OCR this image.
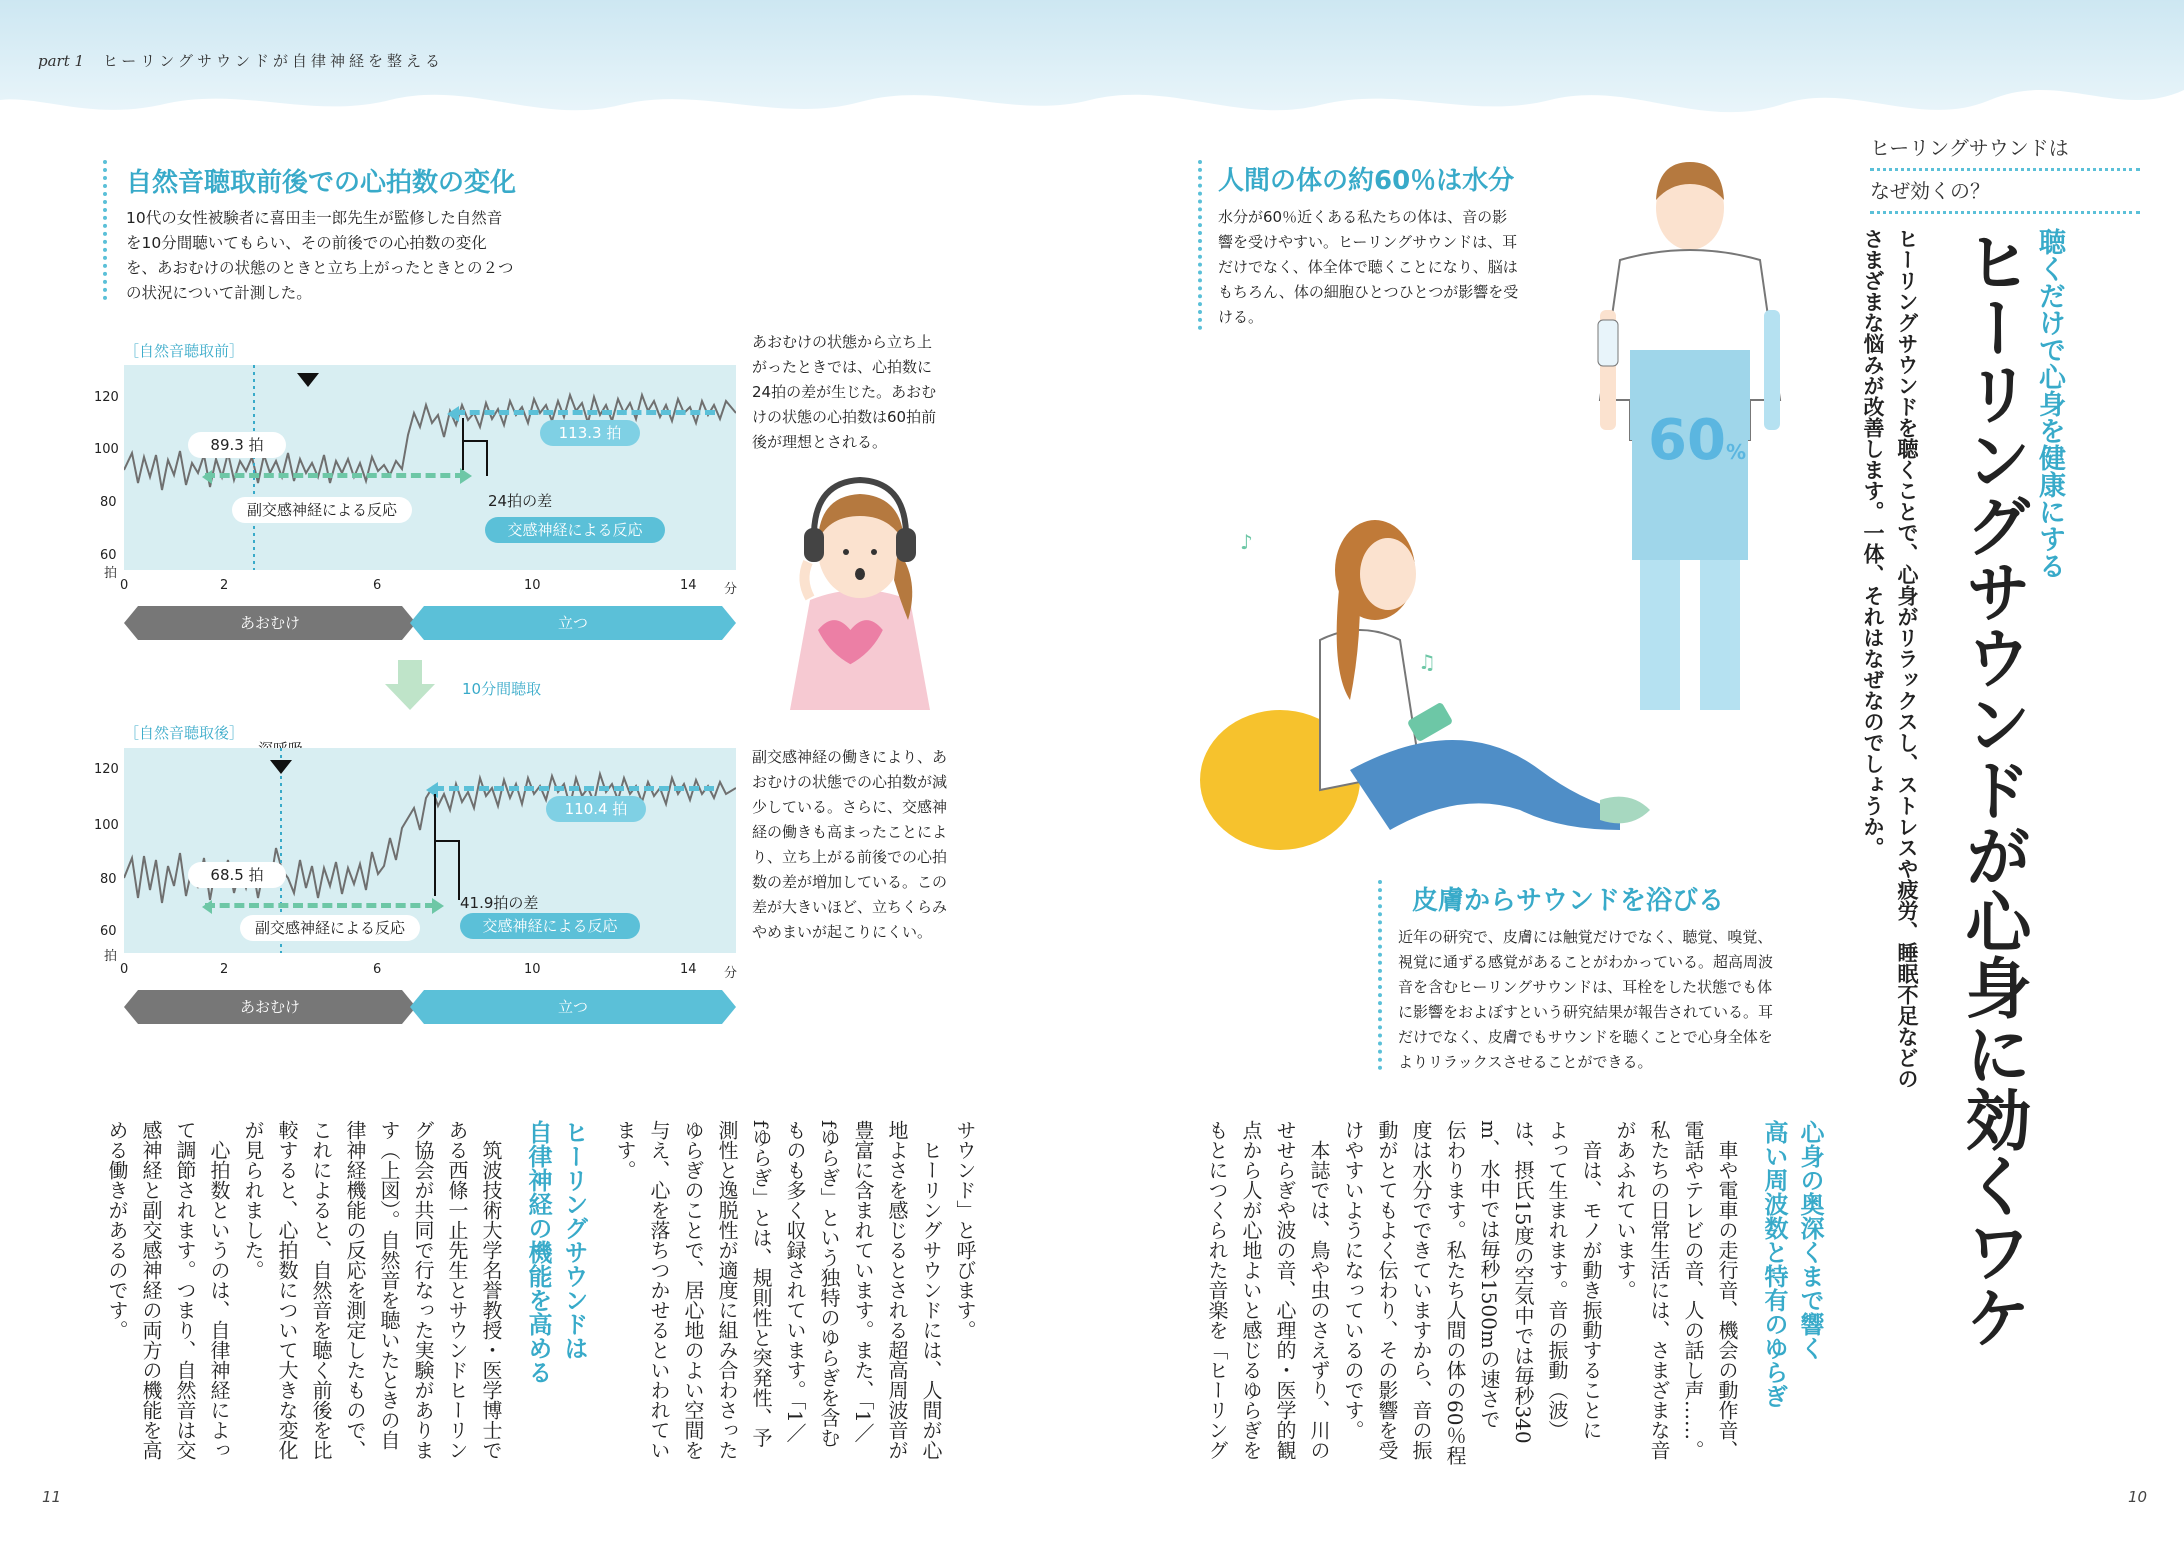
part 1 ヒーリングサウンドが自律神経を整える
自然音聴取前後での心拍数の変化
10代の女性被験者に喜田圭一郎先生が監修した自然音
を10分間聴いてもらい、その前後での心拍数の変化
を、あおむけの状態のときと立ち上がったときとの２つ
の状況について計測した。
［自然音聴取前］
120
100
80
60
拍
0	2	6	10	14 分
89.3 拍
副交感神経による反応
113.3 拍
24拍の差
交感神経による反応
あおむけ	立つ
10分間聴取
［自然音聴取後］
120
100
80
60
拍
0	2	6	10	14 分
68.5 拍
副交感神経による反応
110.4 拍
41.9拍の差
交感神経による反応
あおむけ	立つ
あおむけの状態から立ち上
がったときでは、心拍数に
24拍の差が生じた。あおむ
けの状態の心拍数は60拍前
後が理想とされる。
副交感神経の働きにより、あ
おむけの状態での心拍数が減
少している。さらに、交感神
経の働きも高まったことによ
り、立ち上がる前後での心拍
数の差が増加している。この
差が大きいほど、立ちくらみ
やめまいが起こりにくい。
サウンド」と呼びます。
　ヒーリングサウンドには、人間が心
地よさを感じるとされる超高周波音が
豊富に含まれています。また、「1／
fゆらぎ」という独特のゆらぎを含む
ものも多く収録されています。「1／
fゆらぎ」とは、規則性と突発性、予
測性と逸脱性が適度に組み合わさった
ゆらぎのことで、居心地のよい空間を
与え、心を落ちつかせるといわれてい
ます。
ヒーリングサウンドは
自律神経の機能を高める
　筑波技術大学名誉教授・医学博士で
ある西條一止先生とサウンドヒーリン
グ協会が共同で行なった実験がありま
す（上図）。自然音を聴いたときの自
律神経機能の反応を測定したもので、
これによると、自然音を聴く前後を比
較すると、心拍数について大きな変化
が見られました。
　心拍数というのは、自律神経によっ
て調節されます。つまり、自然音は交
感神経と副交感神経の両方の機能を高
める働きがあるのです。
11
人間の体の約60％は水分
水分が60％近くある私たちの体は、音の影
響を受けやすい。ヒーリングサウンドは、耳
だけでなく、体全体で聴くことになり、脳は
もちろん、体の細胞ひとつひとつが影響を受
ける。
60%
♪
♫
皮膚からサウンドを浴びる
近年の研究で、皮膚には触覚だけでなく、聴覚、嗅覚、
視覚に通ずる感覚があることがわかっている。超高周波
音を含むヒーリングサウンドは、耳栓をした状態でも体
に影響をおよぼすという研究結果が報告されている。耳
だけでなく、皮膚でもサウンドを聴くことで心身全体を
よりリラックスさせることができる。
ヒーリングサウンドは
なぜ効くの？
聴くだけで心身を健康にする
ヒーリングサウンドが心身に効くワケ
ヒーリングサウンドを聴くことで、心身がリラックスし、ストレスや疲労、睡眠不足などの
さまざまな悩みが改善します。一体、それはなぜなのでしょうか。
心身の奥深くまで響く
高い周波数と特有のゆらぎ
　車や電車の走行音、機会の動作音、
電話やテレビの音、人の話し声……。
私たちの日常生活には、さまざまな音
があふれています。
　音は、モノが動き振動することに
よって生まれます。音の振動（波）
は、摂氏15度の空気中では毎秒340
m、水中では毎秒1500mの速さで
伝わります。私たち人間の体の60％程
度は水分でできていますから、音の振
動がとてもよく伝わり、その影響を受
けやすいようになっているのです。
　本誌では、鳥や虫のさえずり、川の
せせらぎや波の音、心理的・医学的観
点から人が心地よいと感じるゆらぎを
もとにつくられた音楽を「ヒーリング
10
